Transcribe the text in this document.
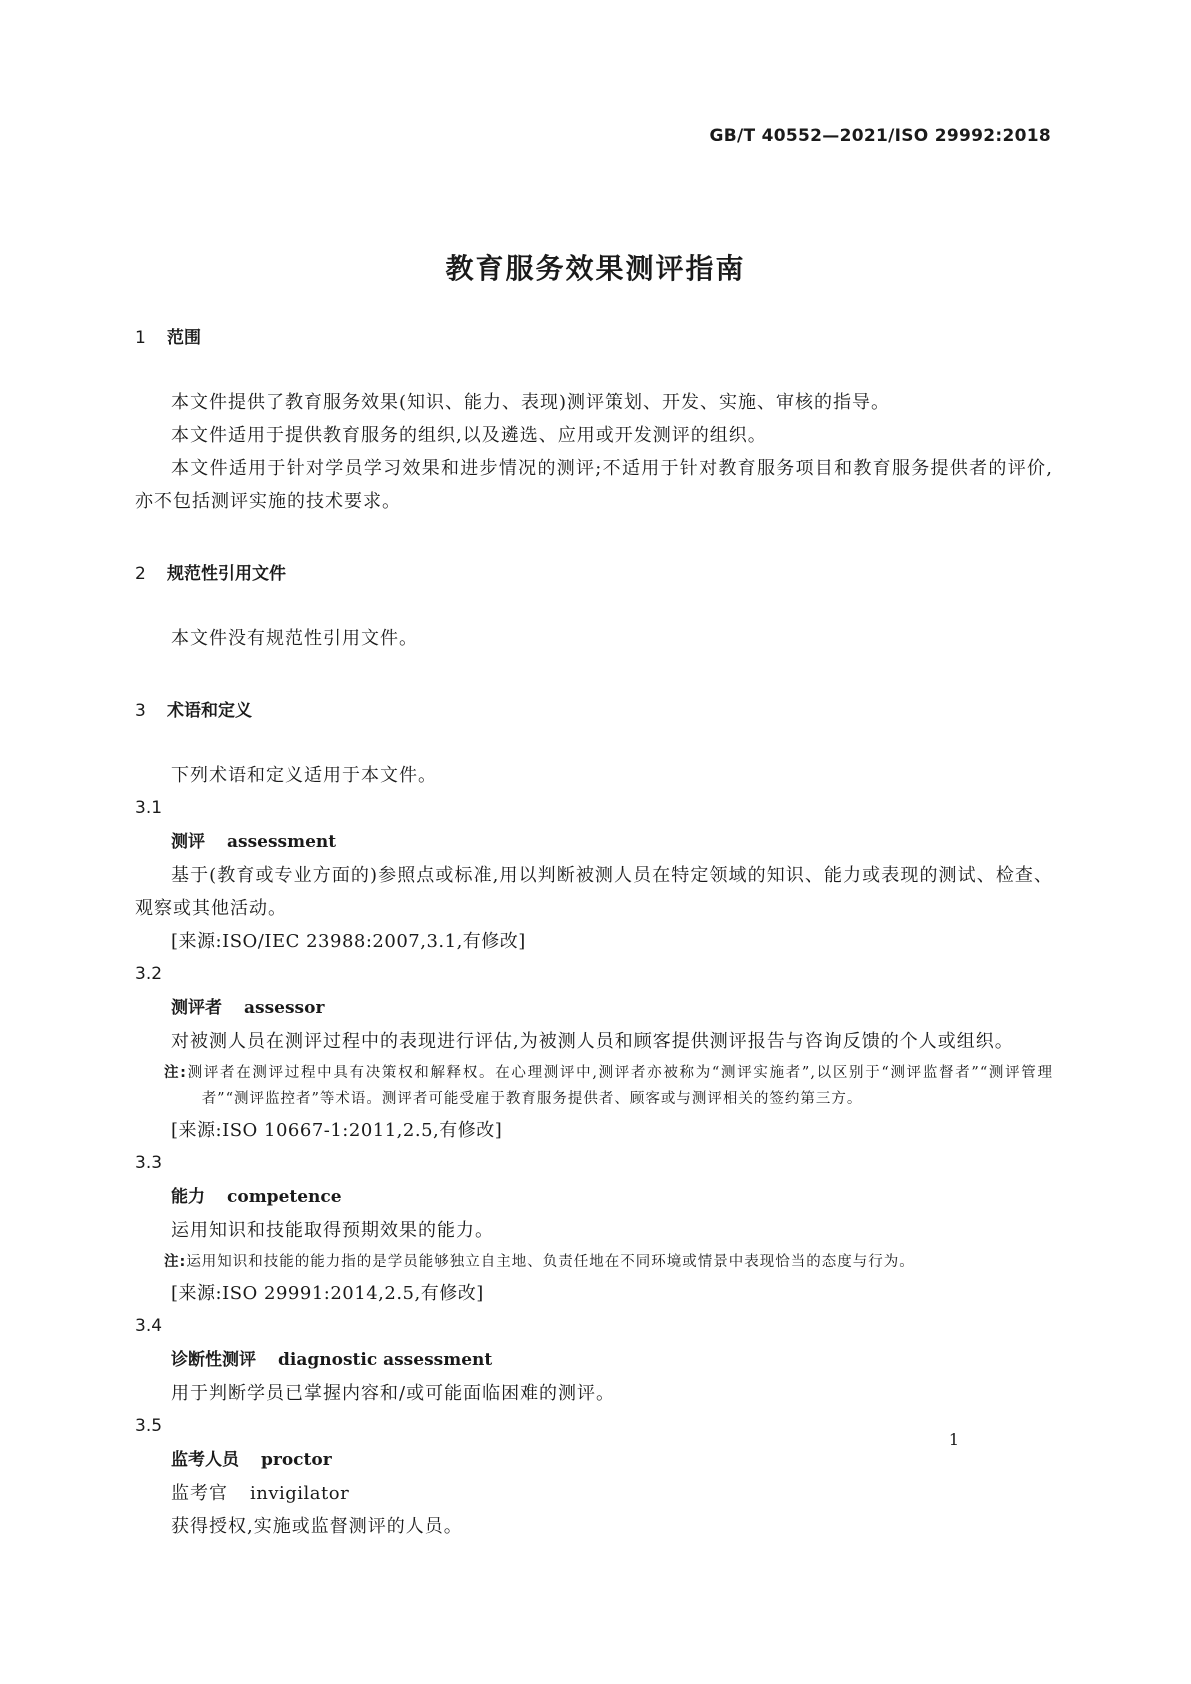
GB/T 40552—2021/ISO 29992:2018
教育服务效果测评指南
1 范围

本文件提供了教育服务效果(知识、能力、表现)测评策划、开发、实施、审核的指导。

本文件适用于提供教育服务的组织,以及遴选、应用或开发测评的组织。

本文件适用于针对学员学习效果和进步情况的测评;不适用于针对教育服务项目和教育服务提供者的评价,亦不包括测评实施的技术要求。

2 规范性引用文件

本文件没有规范性引用文件。

3 术语和定义

下列术语和定义适用于本文件。

3.1
测评 assessment

基于(教育或专业方面的)参照点或标准,用以判断被测人员在特定领域的知识、能力或表现的测试、检查、观察或其他活动。

[来源:ISO/IEC 23988:2007,3.1,有修改]
3.2
测评者 assessor

对被测人员在测评过程中的表现进行评估,为被测人员和顾客提供测评报告与咨询反馈的个人或组织。

注:测评者在测评过程中具有决策权和解释权。在心理测评中,测评者亦被称为“测评实施者”,以区别于“测评监督者”“测评管理者”“测评监控者”等术语。测评者可能受雇于教育服务提供者、顾客或与测评相关的签约第三方。
[来源:ISO 10667-1:2011,2.5,有修改]
3.3
能力 competence

运用知识和技能取得预期效果的能力。

注:运用知识和技能的能力指的是学员能够独立自主地、负责任地在不同环境或情景中表现恰当的态度与行为。
[来源:ISO 29991:2014,2.5,有修改]
3.4
诊断性测评 diagnostic assessment

用于判断学员已掌握内容和/或可能面临困难的测评。

3.5
监考人员 proctor
监考官 invigilator

获得授权,实施或监督测评的人员。

1
